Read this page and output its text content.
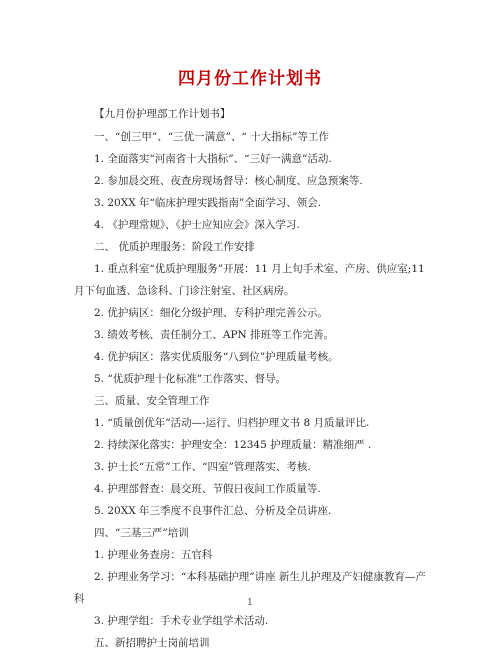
四月份工作计划书
【九月份护理部工作计划书】
一、“创三甲”、“三优一满意”、“ 十大指标”等工作
1. 全面落实“河南省十大指标”、“三好一满意”活动.
2. 参加晨交班、夜查房现场督导：核心制度、应急预案等.
3. 20XX 年“临床护理实践指南”全面学习、领会.
4. 《护理常规》、《护士应知应会》深入学习.
二、 优质护理服务：阶段工作安排
1. 重点科室“优质护理服务”开展：11 月上旬手术室、产房、供应室;11
月下旬血透、急诊科、门诊注射室、社区病房。
2. 优护病区：细化分级护理、专科护理完善公示。
3. 绩效考核、责任制分工、APN 排班等工作完善。
4. 优护病区：落实优质服务“八到位”护理质量考核。
5. “优质护理十化标准”工作落实、督导。
三、质量、安全管理工作
1. “质量创优年”活动—-运行、归档护理文书 8 月质量评比.
2. 持续深化落实：护理安全：12345 护理质量：精准细严 .
3. 护士长“五常”工作、“四室”管理落实、考核.
4. 护理部督查：晨交班、节假日夜间工作质量等.
5. 20XX 年三季度不良事件汇总、分析及全员讲座.
四、“三基三严”培训
1. 护理业务查房：五官科
2. 护理业务学习：“本科基础护理”讲座 新生儿护理及产妇健康教育—产
科
3. 护理学组：手术专业学组学术活动.
五、新招聘护士岗前培训
1
